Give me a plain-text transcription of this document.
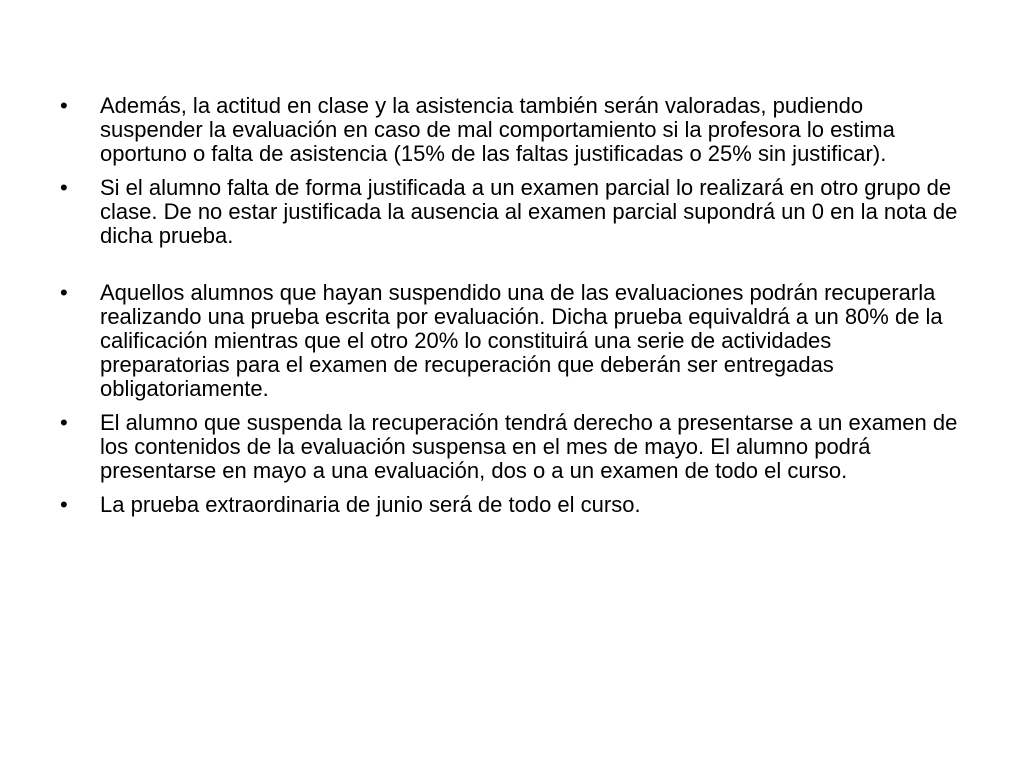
•	Además, la actitud en clase y la asistencia también serán valoradas, pudiendo suspender la evaluación en caso de mal comportamiento si la profesora lo estima oportuno o falta de asistencia (15% de las faltas justificadas o 25% sin justificar).
•	Si el alumno falta de forma justificada a un examen parcial lo realizará en otro grupo de clase. De no estar justificada la ausencia al examen parcial supondrá un 0 en la nota de dicha prueba.
•	Aquellos alumnos que hayan suspendido una de las evaluaciones podrán recuperarla realizando una prueba escrita por evaluación. Dicha prueba equivaldrá a un 80% de la calificación mientras que el otro 20% lo constituirá una serie de actividades preparatorias para el examen de recuperación que deberán ser entregadas obligatoriamente.
•	El alumno que suspenda la recuperación tendrá derecho a presentarse a un examen de los contenidos de la evaluación suspensa en el mes de mayo. El alumno podrá presentarse en mayo a una evaluación, dos o a un examen de todo el curso.
•	La prueba extraordinaria de junio será de todo el curso.
